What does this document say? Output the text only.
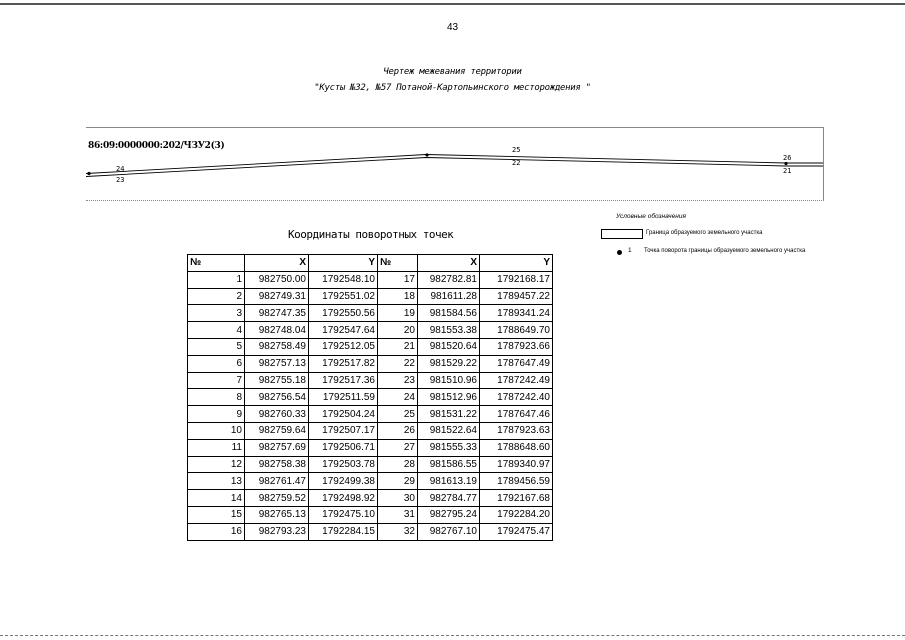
43
Чертеж межевания территории
"Кусты №32, №57 Потаной-Картопьинского месторождения "
86:09:0000000:202/ЧЗУ2(3)
24
23
25
22
26
21
Условные обозначения
Граница образуемого земельного участка
1 Точка поворота границы образуемого земельного участка
Координаты поворотных точек
№	X	Y	№	X	Y
1	982750.00	1792548.10	17	982782.81	1792168.17
2	982749.31	1792551.02	18	981611.28	1789457.22
3	982747.35	1792550.56	19	981584.56	1789341.24
4	982748.04	1792547.64	20	981553.38	1788649.70
5	982758.49	1792512.05	21	981520.64	1787923.66
6	982757.13	1792517.82	22	981529.22	1787647.49
7	982755.18	1792517.36	23	981510.96	1787242.49
8	982756.54	1792511.59	24	981512.96	1787242.40
9	982760.33	1792504.24	25	981531.22	1787647.46
10	982759.64	1792507.17	26	981522.64	1787923.63
11	982757.69	1792506.71	27	981555.33	1788648.60
12	982758.38	1792503.78	28	981586.55	1789340.97
13	982761.47	1792499.38	29	981613.19	1789456.59
14	982759.52	1792498.92	30	982784.77	1792167.68
15	982765.13	1792475.10	31	982795.24	1792284.20
16	982793.23	1792284.15	32	982767.10	1792475.47
